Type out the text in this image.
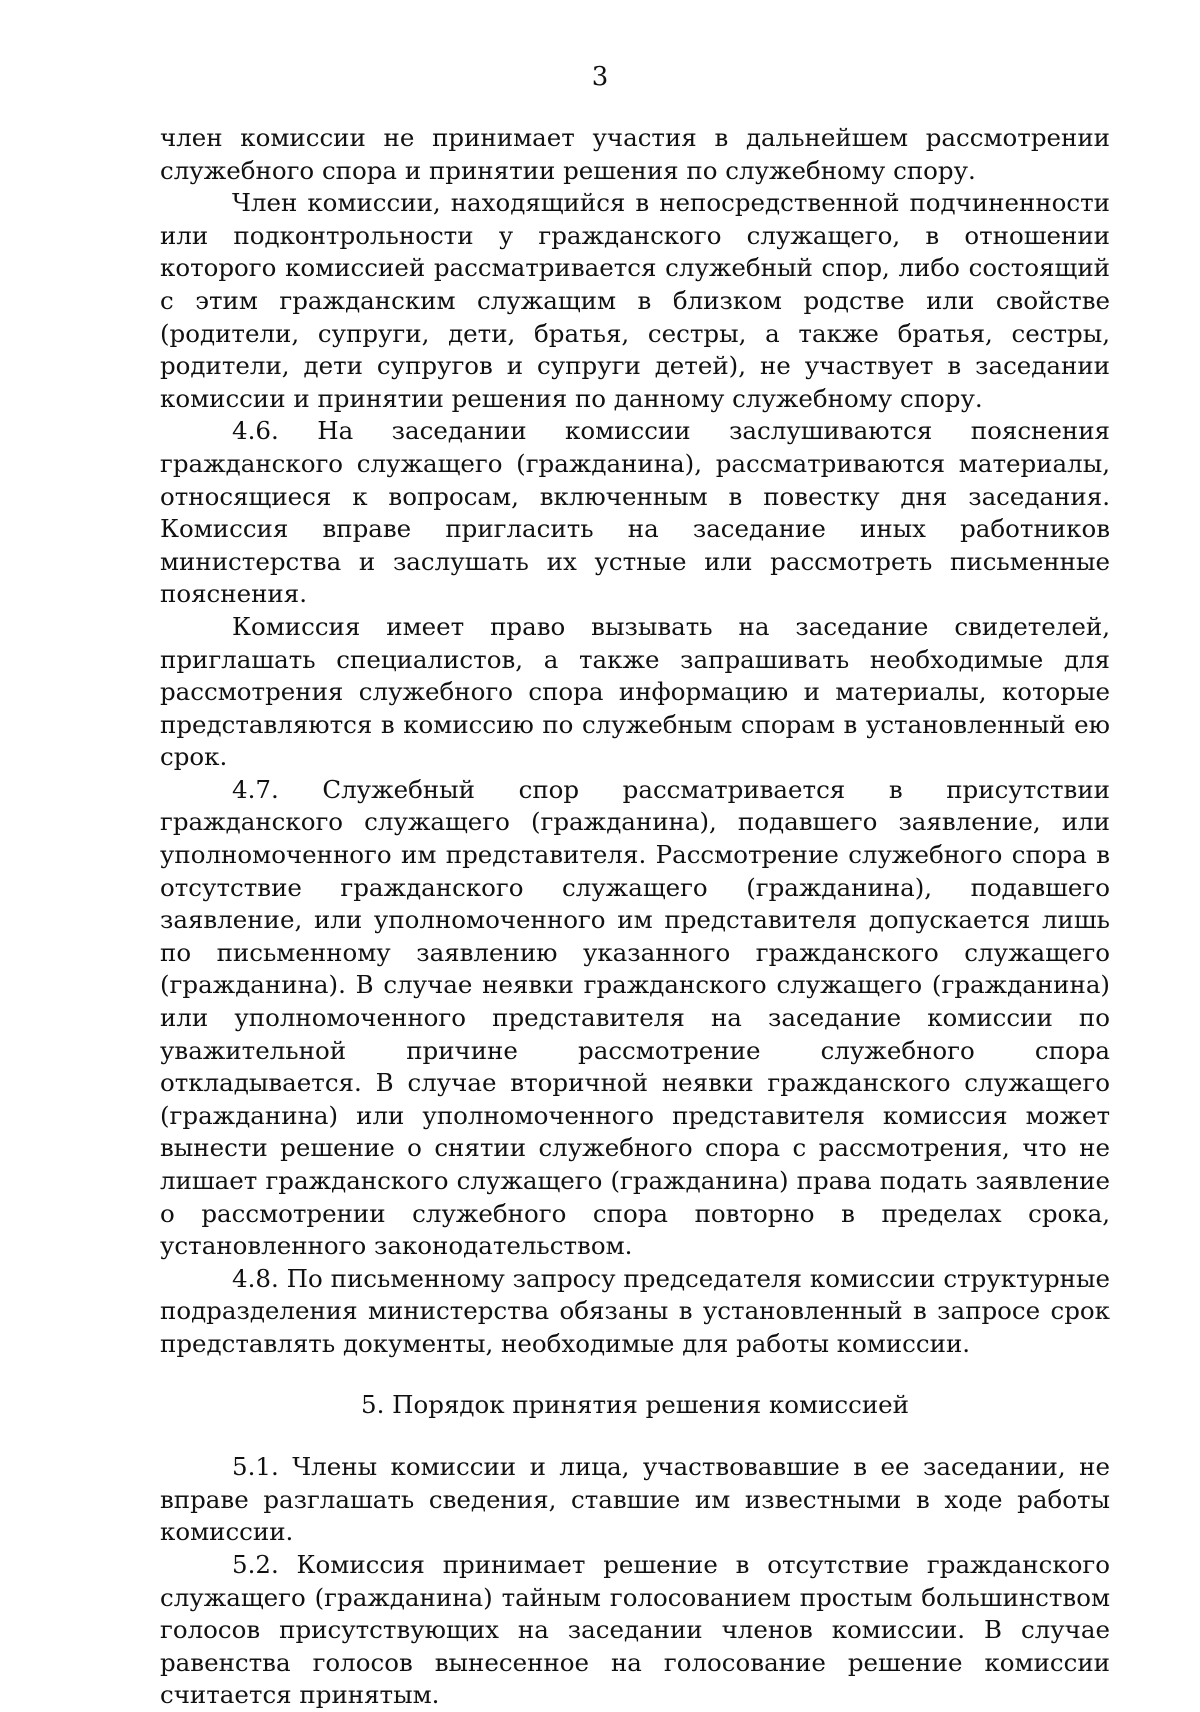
3

член комиссии не принимает участия в дальнейшем рассмотрении служебного спора и принятии решения по служебному спору.

Член комиссии, находящийся в непосредственной подчиненности или подконтрольности у гражданского служащего, в отношении которого комиссией рассматривается служебный спор, либо состоящий с этим гражданским служащим в близком родстве или свойстве (родители, супруги, дети, братья, сестры, а также братья, сестры, родители, дети супругов и супруги детей), не участвует в заседании комиссии и принятии решения по данному служебному спору.

4.6. На заседании комиссии заслушиваются пояснения гражданского служащего (гражданина), рассматриваются материалы, относящиеся к вопросам, включенным в повестку дня заседания. Комиссия вправе пригласить на заседание иных работников министерства и заслушать их устные или рассмотреть письменные пояснения.

Комиссия имеет право вызывать на заседание свидетелей, приглашать специалистов, а также запрашивать необходимые для рассмотрения служебного спора информацию и материалы, которые представляются в комиссию по служебным спорам в установленный ею срок.

4.7. Служебный спор рассматривается в присутствии гражданского служащего (гражданина), подавшего заявление, или уполномоченного им представителя. Рассмотрение служебного спора в отсутствие гражданского служащего (гражданина), подавшего заявление, или уполномоченного им представителя допускается лишь по письменному заявлению указанного гражданского служащего (гражданина). В случае неявки гражданского служащего (гражданина) или уполномоченного представителя на заседание комиссии по уважительной причине рассмотрение служебного спора откладывается. В случае вторичной неявки гражданского служащего (гражданина) или уполномоченного представителя комиссия может вынести решение о снятии служебного спора с рассмотрения, что не лишает гражданского служащего (гражданина) права подать заявление о рассмотрении служебного спора повторно в пределах срока, установленного законодательством.

4.8. По письменному запросу председателя комиссии структурные подразделения министерства обязаны в установленный в запросе срок представлять документы, необходимые для работы комиссии.

5. Порядок принятия решения комиссией

5.1. Члены комиссии и лица, участвовавшие в ее заседании, не вправе разглашать сведения, ставшие им известными в ходе работы комиссии.

5.2. Комиссия принимает решение в отсутствие гражданского служащего (гражданина) тайным голосованием простым большинством голосов присутствующих на заседании членов комиссии. В случае равенства голосов вынесенное на голосование решение комиссии считается принятым.
